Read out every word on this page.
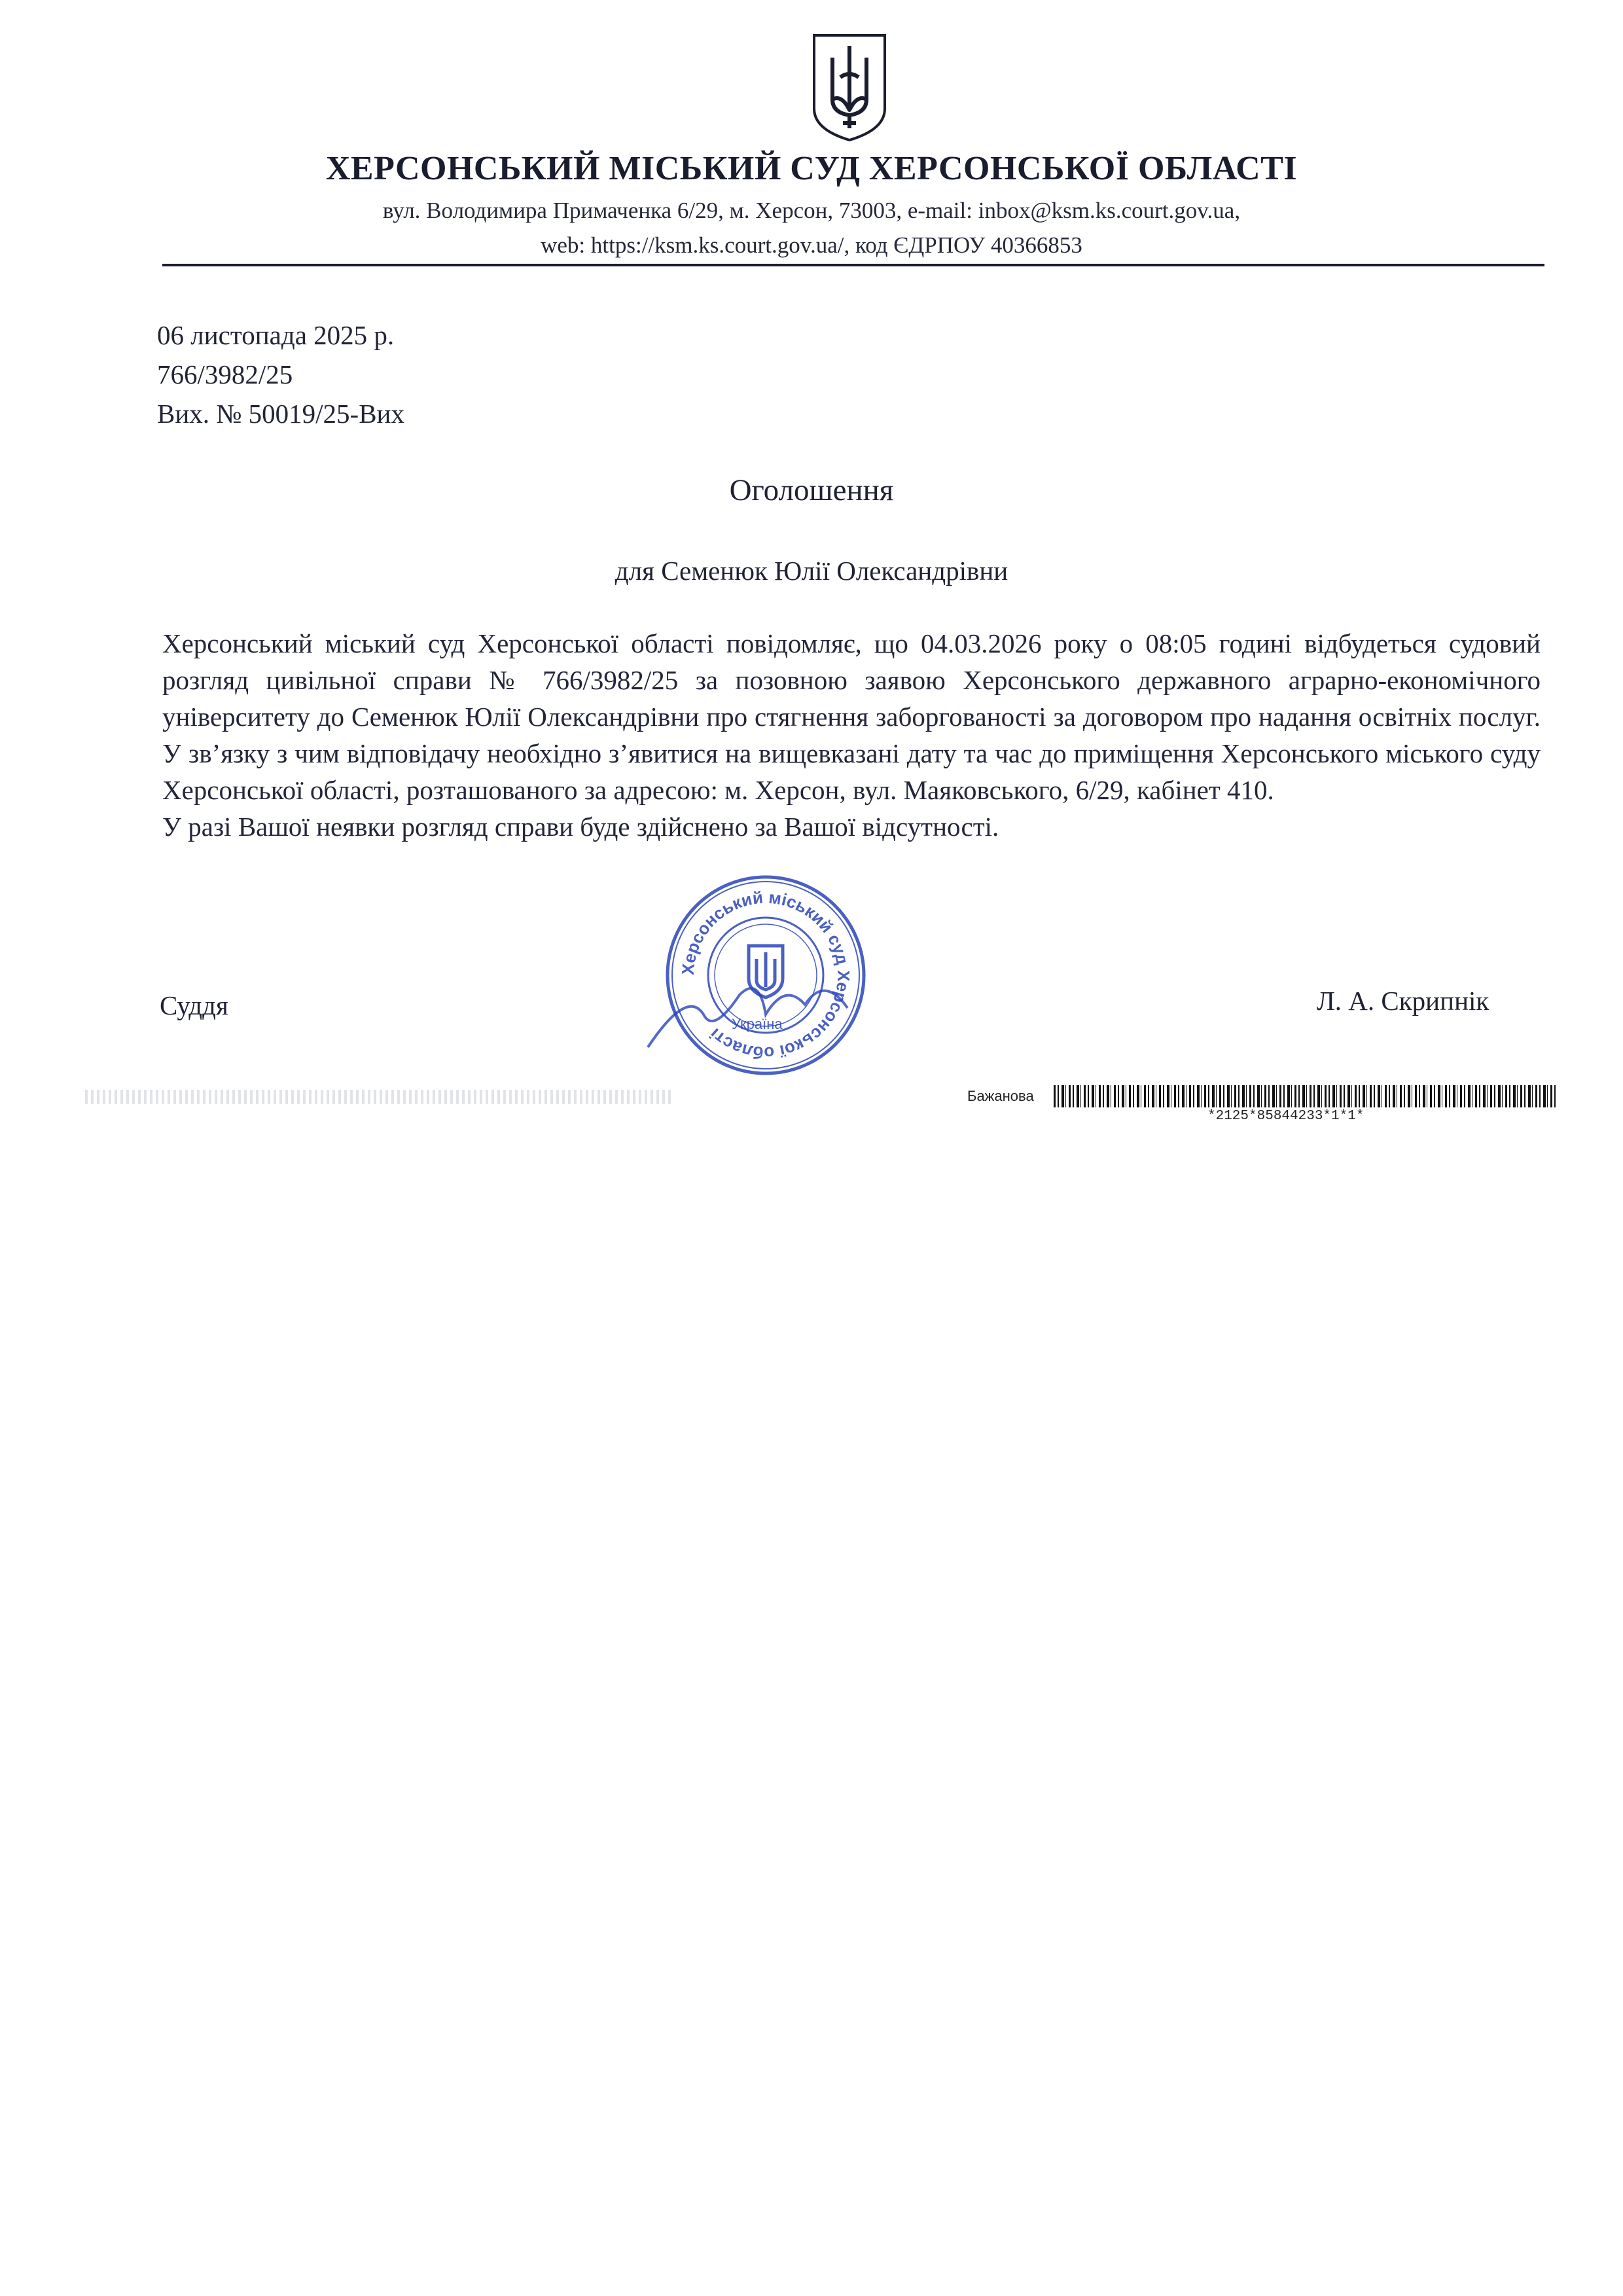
ХЕРСОНСЬКИЙ МІСЬКИЙ СУД ХЕРСОНСЬКОЇ ОБЛАСТІ
вул. Володимира Примаченка 6/29, м. Херсон, 73003, e-mail: inbox@ksm.ks.court.gov.ua,
web: https://ksm.ks.court.gov.ua/, код ЄДРПОУ 40366853
06 листопада 2025 р.
766/3982/25
Вих. № 50019/25-Вих
Оголошення
для Семенюк Юлії Олександрівни

Херсонський міський суд Херсонської області повідомляє, що 04.03.2026 року о 08:05 годині відбудеться судовий розгляд цивільної справи № 766/3982/25 за позовною заявою Херсонського державного аграрно-економічного університету до Семенюк Юлії Олександрівни про стягнення заборгованості за договором про надання освітніх послуг. У зв’язку з чим відповідачу необхідно з’явитися на вищевказані дату та час до приміщення Херсонського міського суду Херсонської області, розташованого за адресою: м. Херсон, вул. Маяковського, 6/29, кабінет 410.

У разі Вашої неявки розгляд справи буде здійснено за Вашої відсутності.

Херсонський міський суд Херсонської області
Україна
Суддя	Л. А. Скрипнік
Бажанова
*2125*85844233*1*1*
